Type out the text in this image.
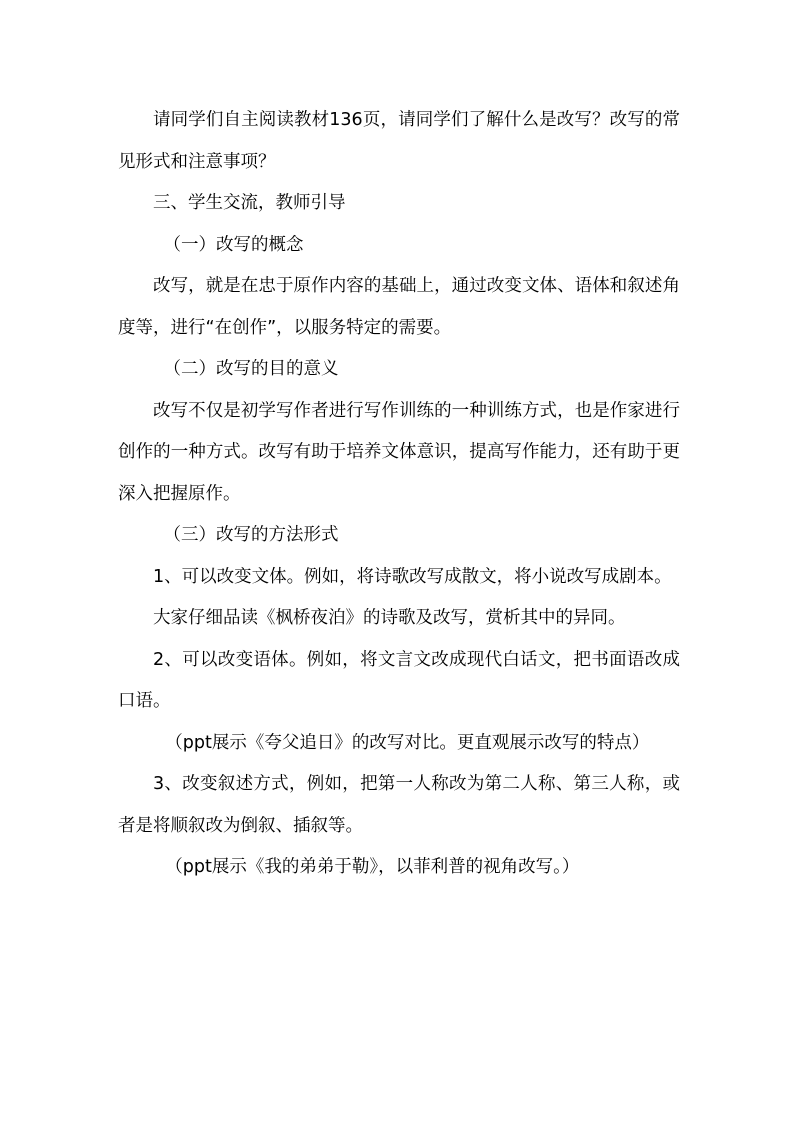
请同学们自主阅读教材136页，请同学们了解什么是改写？改写的常见形式和注意事项？

三、学生交流，教师引导

（一）改写的概念

改写，就是在忠于原作内容的基础上，通过改变文体、语体和叙述角度等，进行“在创作”，以服务特定的需要。

（二）改写的目的意义

改写不仅是初学写作者进行写作训练的一种训练方式，也是作家进行创作的一种方式。改写有助于培养文体意识，提高写作能力，还有助于更深入把握原作。

（三）改写的方法形式

1、可以改变文体。例如，将诗歌改写成散文，将小说改写成剧本。

大家仔细品读《枫桥夜泊》的诗歌及改写，赏析其中的异同。

2、可以改变语体。例如，将文言文改成现代白话文，把书面语改成口语。

（ppt展示《夸父追日》的改写对比。更直观展示改写的特点）

3、改变叙述方式，例如，把第一人称改为第二人称、第三人称，或者是将顺叙改为倒叙、插叙等。

（ppt展示《我的弟弟于勒》，以菲利普的视角改写。）
